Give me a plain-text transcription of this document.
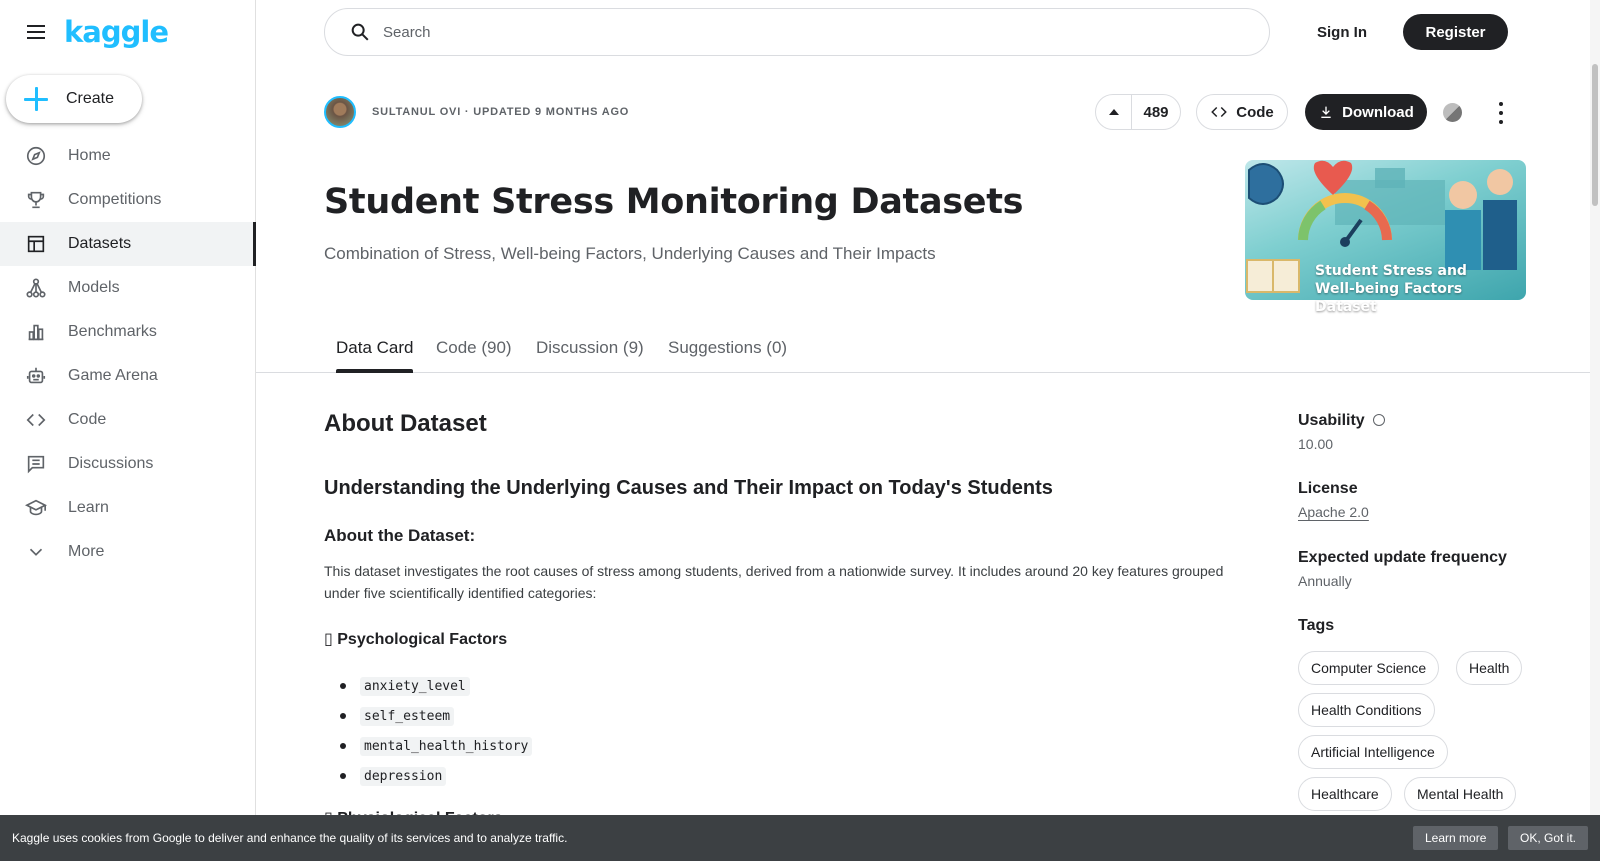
kaggle
Create
Home
Competitions
Datasets
Models
Benchmarks
Game Arena
Code
Discussions
Learn
More
Search
Sign In	Register
SULTANUL OVI · UPDATED 9 MONTHS AGO	489	Code	Download
Student Stress Monitoring Datasets
Combination of Stress, Well-being Factors, Underlying Causes and Their Impacts
Student Stress and
Well-being Factors Dataset
Data Card Code (90) Discussion (9) Suggestions (0)
About Dataset
Understanding the Underlying Causes and Their Impact on Today's Students
About the Dataset:
This dataset investigates the root causes of stress among students, derived from a nationwide survey. It includes around 20 key features grouped under five scientifically identified categories:
▯ Psychological Factors
anxiety_level
self_esteem
mental_health_history
depression
Usability
10.00
License
Apache 2.0
Expected update frequency
Annually
Tags
Computer Science	Health
Health Conditions
Artificial Intelligence
Healthcare	Mental Health
Kaggle uses cookies from Google to deliver and enhance the quality of its services and to analyze traffic.	Learn more	OK, Got it.
